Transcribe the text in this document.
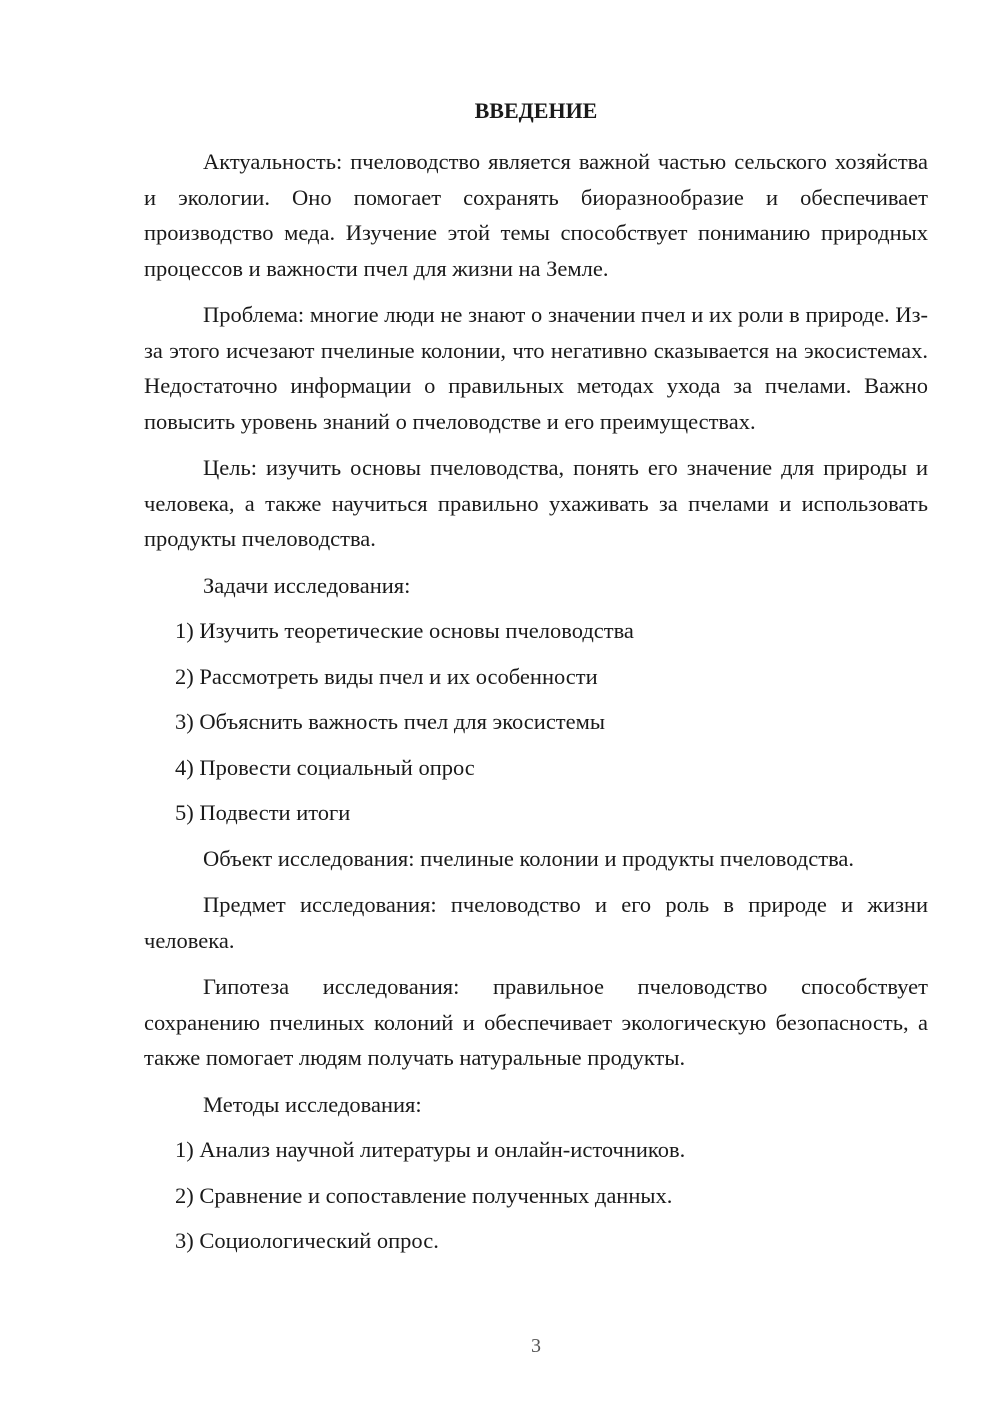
ВВЕДЕНИЕ

Актуальность: пчеловодство является важной частью сельского хозяйства и экологии. Оно помогает сохранять биоразнообразие и обеспечивает производство меда. Изучение этой темы способствует пониманию природных процессов и важности пчел для жизни на Земле.

Проблема: многие люди не знают о значении пчел и их роли в природе. Из-за этого исчезают пчелиные колонии, что негативно сказывается на экосистемах. Недостаточно информации о правильных методах ухода за пчелами. Важно повысить уровень знаний о пчеловодстве и его преимуществах.

Цель: изучить основы пчеловодства, понять его значение для природы и человека, а также научиться правильно ухаживать за пчелами и использовать продукты пчеловодства.

Задачи исследования:

1) Изучить теоретические основы пчеловодства
2) Рассмотреть виды пчел и их особенности
3) Объяснить важность пчел для экосистемы
4) Провести социальный опрос
5) Подвести итоги

Объект исследования: пчелиные колонии и продукты пчеловодства.

Предмет исследования: пчеловодство и его роль в природе и жизни человека.

Гипотеза исследования: правильное пчеловодство способствует сохранению пчелиных колоний и обеспечивает экологическую безопасность, а также помогает людям получать натуральные продукты.

Методы исследования:

1) Анализ научной литературы и онлайн-источников.
2) Сравнение и сопоставление полученных данных.
3) Социологический опрос.
3
